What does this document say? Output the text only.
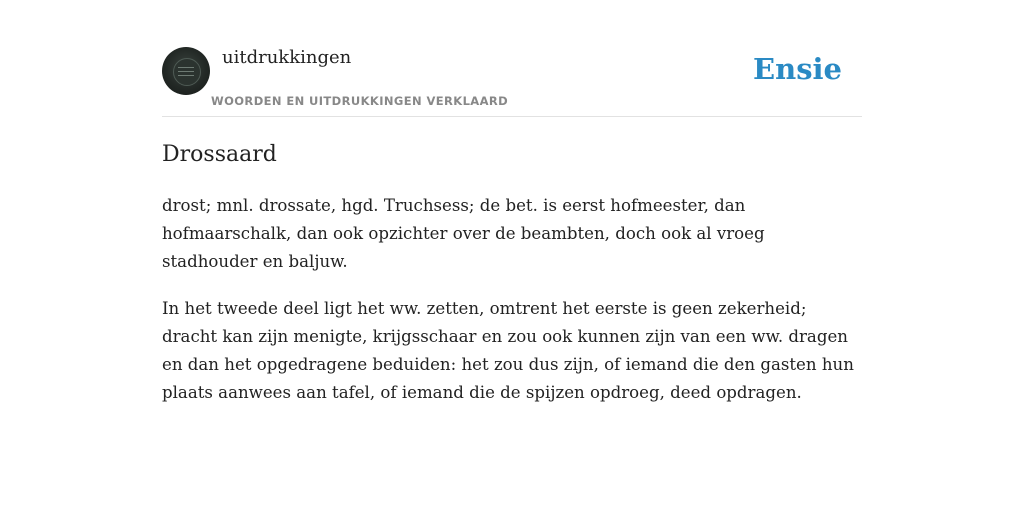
uitdrukkingen
WOORDEN EN UITDRUKKINGEN VERKLAARD
Ensie
Drossaard

drost; mnl. drossate, hgd. Truchsess; de bet. is eerst hofmeester, dan hofmaarschalk, dan ook opzichter over de beambten, doch ook al vroeg stadhouder en baljuw.

In het tweede deel ligt het ww. zetten, omtrent het eerste is geen zekerheid; dracht kan zijn menigte, krijgsschaar en zou ook kunnen zijn van een ww. dragen en dan het opgedragene beduiden: het zou dus zijn, of iemand die den gasten hun plaats aanwees aan tafel, of iemand die de spijzen opdroeg, deed opdragen.
